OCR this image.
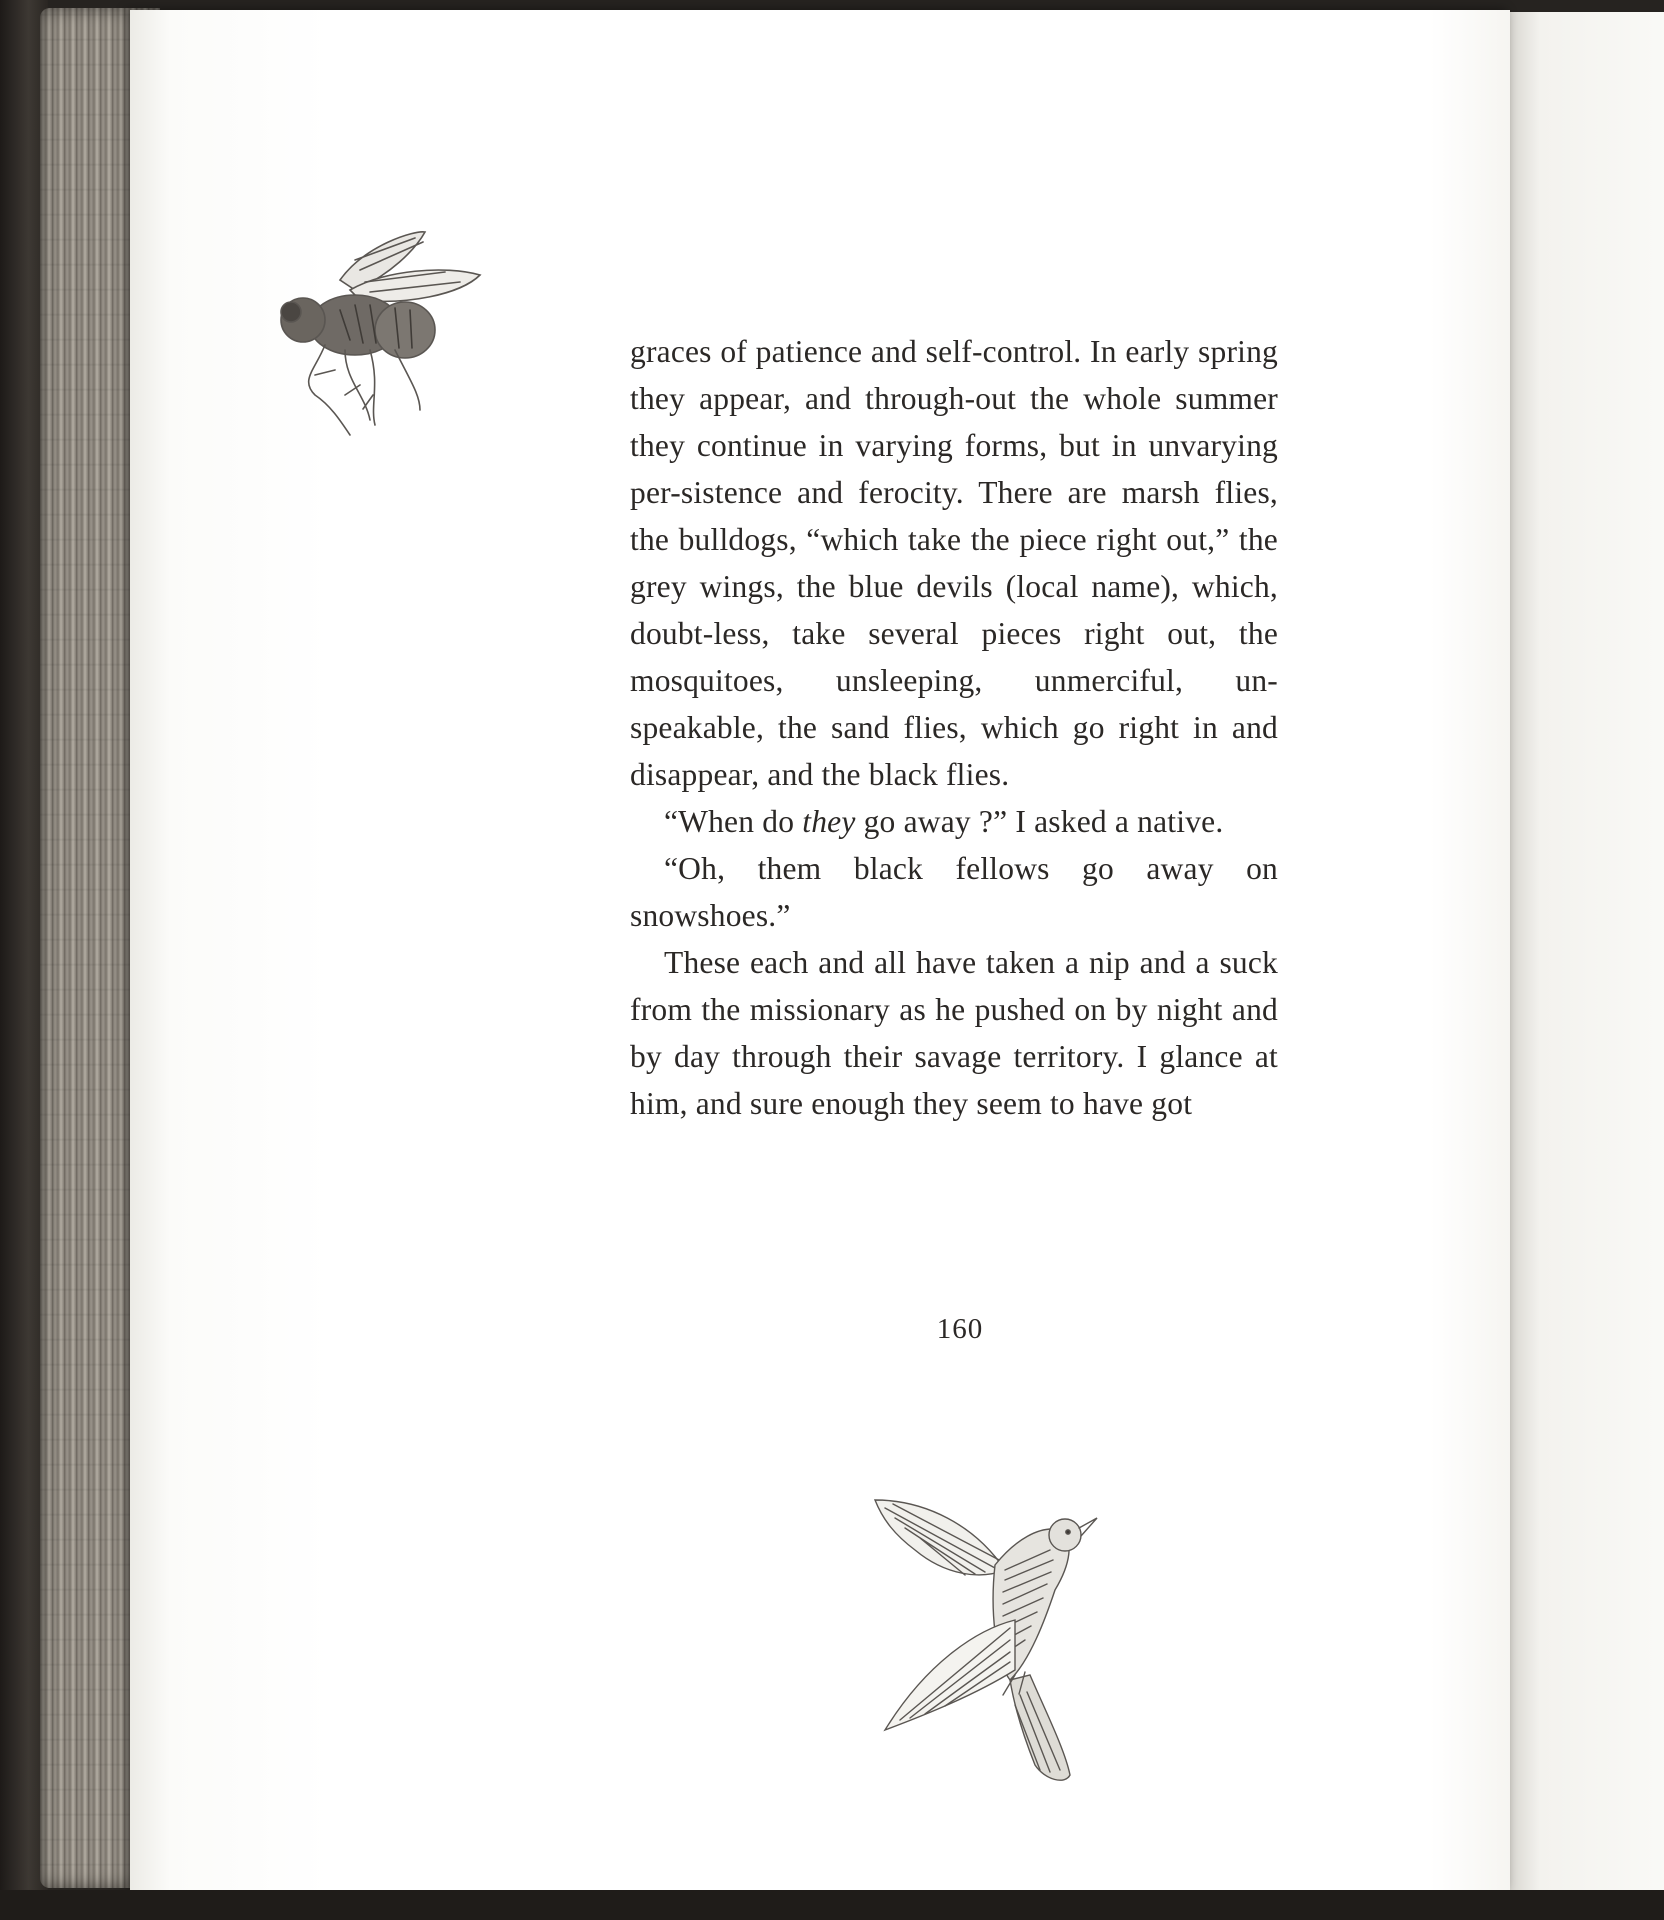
graces of patience and self-control. In early spring they appear, and through-out the whole summer they continue in varying forms, but in unvarying per-sistence and ferocity. There are marsh flies, the bulldogs, “which take the piece right out,” the grey wings, the blue devils (local name), which, doubt-less, take several pieces right out, the mosquitoes, unsleeping, unmerciful, un-speakable, the sand flies, which go right in and disappear, and the black flies.

“When do they go away ?” I asked a native.

“Oh, them black fellows go away on snowshoes.”

These each and all have taken a nip and a suck from the missionary as he pushed on by night and by day through their savage territory. I glance at him, and sure enough they seem to have got

160
